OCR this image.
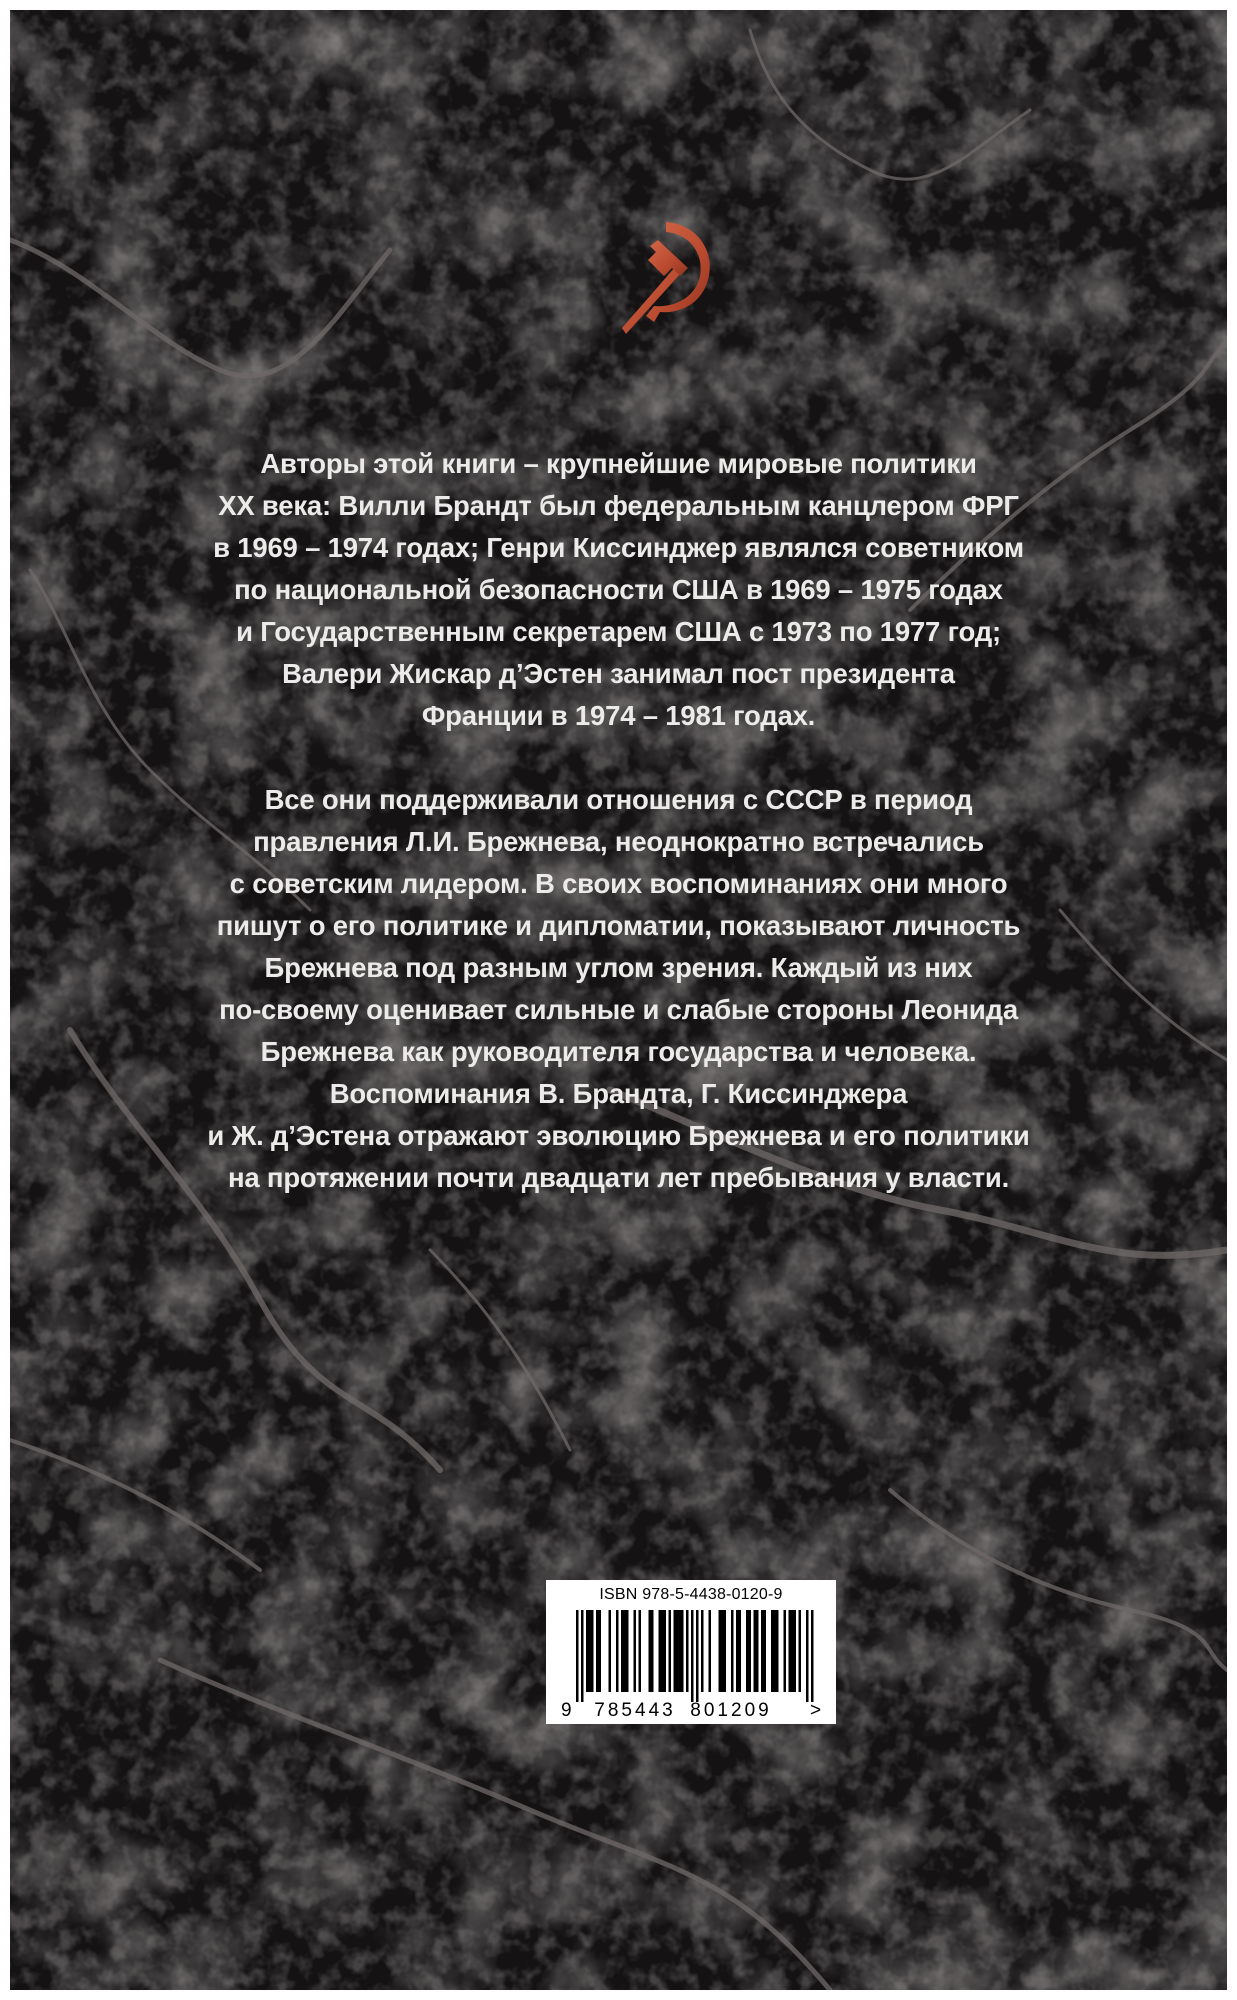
Авторы этой книги – крупнейшие мировые политики
XX века: Вилли Брандт был федеральным канцлером ФРГ
в 1969 – 1974 годах; Генри Киссинджер являлся советником
по национальной безопасности США в 1969 – 1975 годах
и Государственным секретарем США с 1973 по 1977 год;
Валери Жискар д’Эстен занимал пост президента
Франции в 1974 – 1981 годах.
Все они поддерживали отношения с СССР в период
правления Л.И. Брежнева, неоднократно встречались
с советским лидером. В своих воспоминаниях они много
пишут о его политике и дипломатии, показывают личность
Брежнева под разным углом зрения. Каждый из них
по-своему оценивает сильные и слабые стороны Леонида
Брежнева как руководителя государства и человека.
Воспоминания В. Брандта, Г. Киссинджера
и Ж. д’Эстена отражают эволюцию Брежнева и его политики
на протяжении почти двадцати лет пребывания у власти.
ISBN 978-5-4438-0120-9
9 785443 801209 >
